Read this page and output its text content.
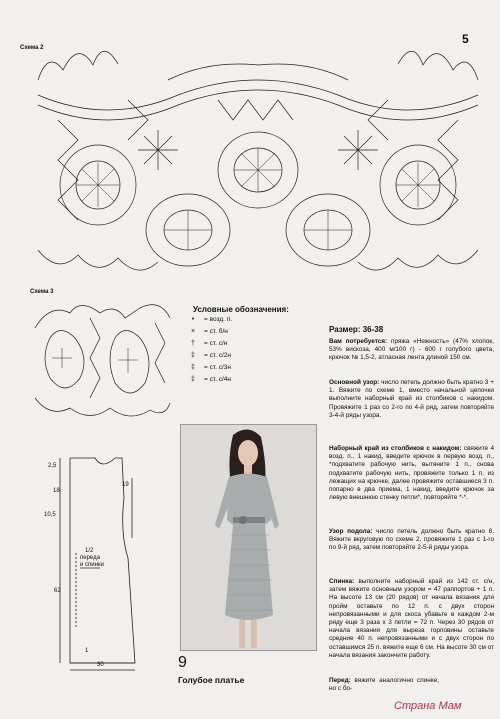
5
Схема 2
Схема 3
Условные обозначения:
•	= возд. п.
×	= ст. б/н
†	= ст. с/н
‡	= ст. с/2н
‡	= ст. с/3н
‡	= ст. с/4н
2,5
18
19
10,5
62
1
30
1/2
переда
и спинки
9
Голубое платье
Размер: 36-38
Вам потребуется: пряжа «Нежность» (47% хлопок, 53% вискоза, 400 м/100 г) - 600 г голубого цвета, крючок № 1,5-2, атласная лента длиной 150 см.
Основной узор: число петель должно быть кратно 3 + 1. Вяжите по схеме 1, вместо начальной цепочки выполните наборный край из столбиков с накидом. Провяжите 1 раз со 2-го по 4-й ряд, затем повторяйте 3-4-й ряды узора.
Наборный край из столбиков с накидом: свяжите 4 возд. п., 1 накид, введите крючок в первую возд. п., *подхватите рабочую нить, вытяните 1 п., снова подхватите рабочую нить, провяжите только 1 п. из лежащих на крючке, далее провяжите оставшиеся 3 п. попарно в два приема, 1 накид, введите крючок за левую внешнюю стенку петли*, повторяйте *-*.
Узор подола: число петель должно быть кратно 8. Вяжите вкруговую по схеме 2, провяжите 1 раз с 1-го по 9-й ряд, затем повторяйте 2-5-й ряды узора.
Спинка: выполните наборный край из 142 ст. с/н, затем вяжите основным узором = 47 раппортов + 1 п. На высоте 13 см (20 рядов) от начала вязания для пройм оставьте по 12 п. с двух сторон непровязанными и для скоса убавьте в каждом 2-м ряду еще 3 раза х 3 петли = 72 п. Через 30 рядов от начала вязания для выреза горловины оставьте средние 40 п. непровязанными и с двух сторон по оставшимся 25 п. вяжите еще 6 см. На высоте 30 см от начала вязания закончите работу.
Перед: вяжите аналогично спинке, но с бо-
Страна Мам
